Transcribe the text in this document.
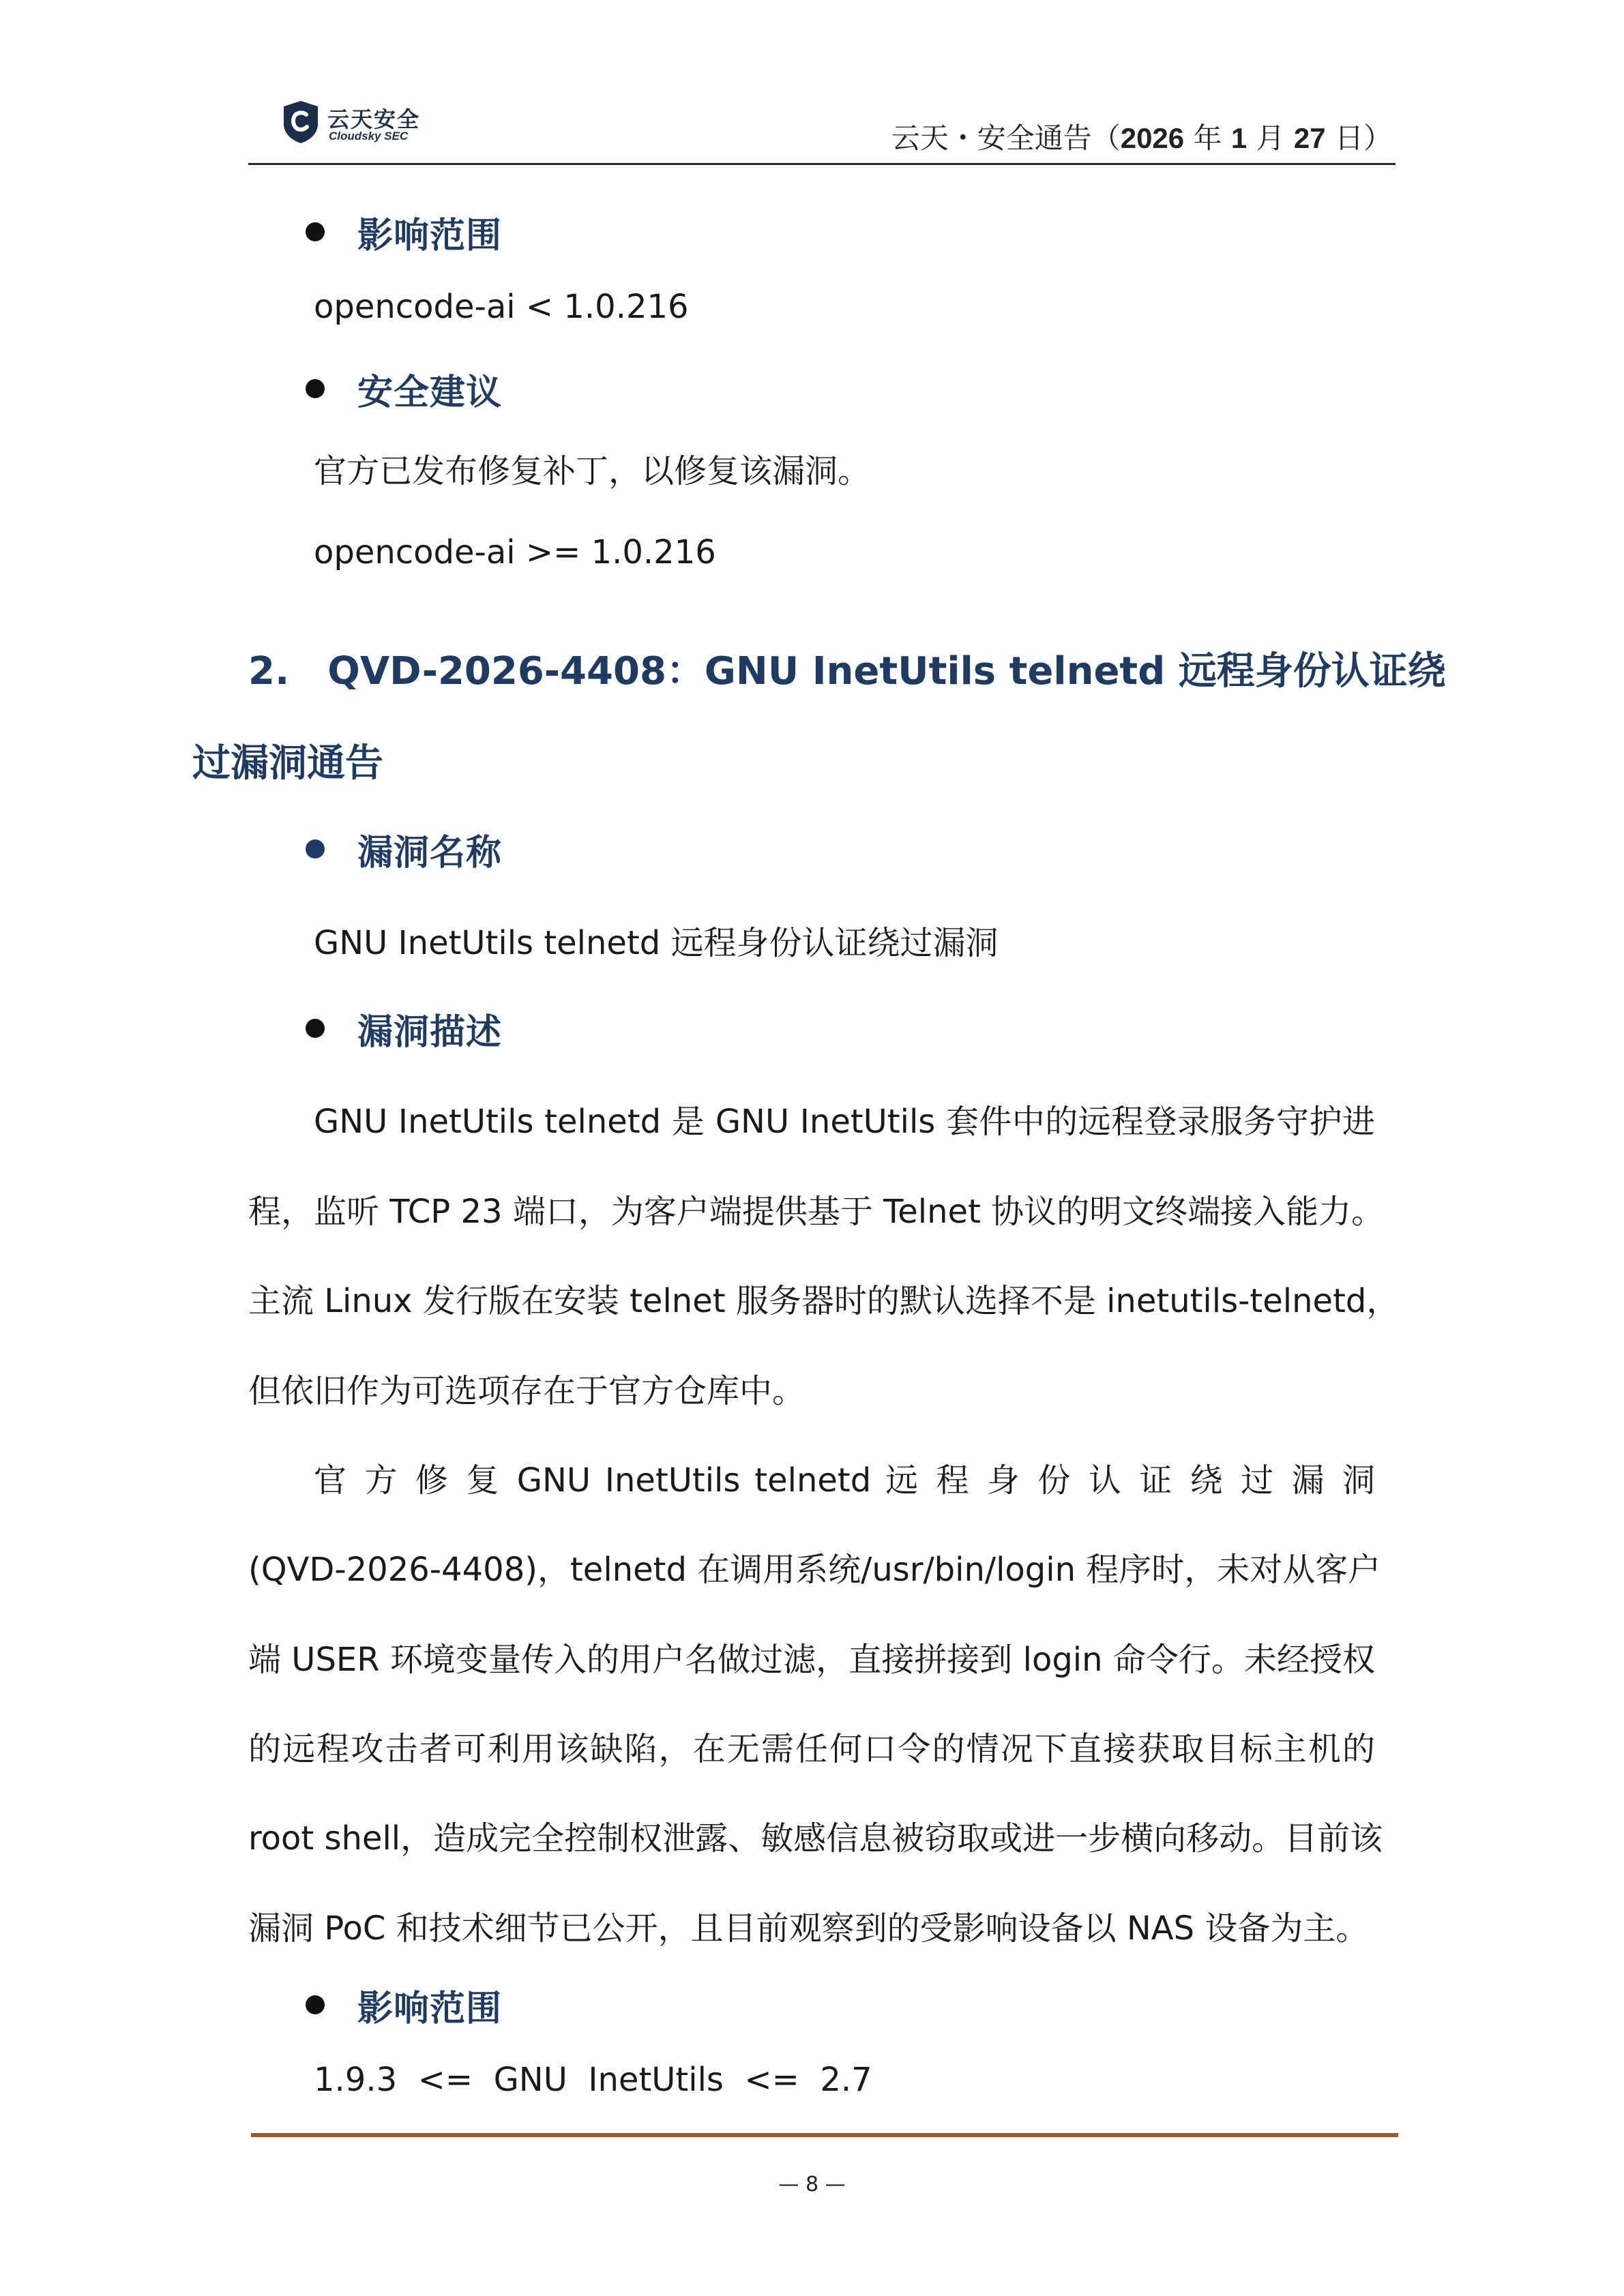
云天安全
Cloudsky SEC	云天・安全通告（2026 年 1 月 27 日）
影响范围
opencode-ai < 1.0.216
安全建议
官方已发布修复补丁，以修复该漏洞。
opencode-ai >= 1.0.216
2.　QVD-2026-4408：GNU InetUtils telnetd 远程身份认证绕
过漏洞通告
漏洞名称
GNU InetUtils telnetd 远程身份认证绕过漏洞
漏洞描述
GNU InetUtils telnetd 是 GNU InetUtils 套件中的远程登录服务守护进
程，监听 TCP 23 端口，为客户端提供基于 Telnet 协议的明文终端接入能力。
主流 Linux 发行版在安装 telnet 服务器时的默认选择不是 inetutils-telnetd，
但依旧作为可选项存在于官方仓库中。
官 方 修 复 GNU InetUtils telnetd 远 程 身 份 认 证 绕 过 漏 洞
(QVD-2026-4408)，telnetd 在调用系统/usr/bin/login 程序时，未对从客户
端 USER 环境变量传入的用户名做过滤，直接拼接到 login 命令行。未经授权
的远程攻击者可利用该缺陷，在无需任何口令的情况下直接获取目标主机的
root shell，造成完全控制权泄露、敏感信息被窃取或进一步横向移动。目前该
漏洞 PoC 和技术细节已公开，且目前观察到的受影响设备以 NAS 设备为主。
影响范围
1.9.3  <=  GNU  InetUtils  <=  2.7
— 8 —
